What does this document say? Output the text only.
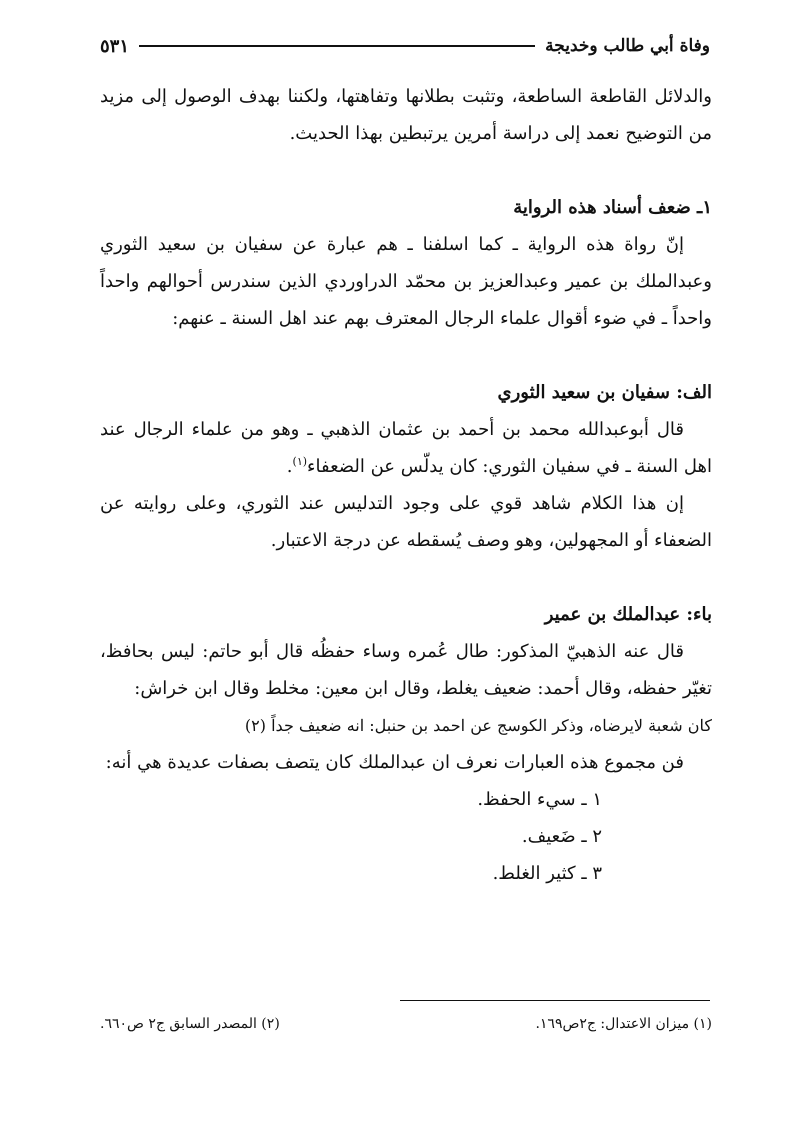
وفاة أبي طالب وخديجة
٥٣١

والدلائل القاطعة الساطعة، وتثبت بطلانها وتفاهتها، ولكننا بهدف الوصول إلى مزيد من التوضيح نعمد إلى دراسة أمرين يرتبطين بهذا الحديث.

١ـ ضعف أسناد هذه الرواية

إنّ رواة هذه الرواية ـ كما اسلفنا ـ هم عبارة عن سفيان بن سعيد الثوري وعبدالملك بن عمير وعبدالعزيز بن محمّد الدراوردي الذين سندرس أحوالهم واحداً واحداً ـ في ضوء أقوال علماء الرجال المعترف بهم عند اهل السنة ـ عنهم:

الف: سفيان بن سعيد الثوري

قال أبوعبدالله محمد بن أحمد بن عثمان الذهبي ـ وهو من علماء الرجال عند اهل السنة ـ في سفيان الثوري: كان يدلّس عن الضعفاء$^{(١)}$.

إن هذا الكلام شاهد قوي على وجود التدليس عند الثوري، وعلى روايته عن الضعفاء أو المجهولين، وهو وصف يُسقطه عن درجة الاعتبار.

باء: عبدالملك بن عمير

قال عنه الذهبيّ المذكور: طال عُمره وساء حفظُه قال أبو حاتم: ليس بحافظ، تغيّر حفظه، وقال أحمد: ضعيف يغلط، وقال ابن معين: مخلط وقال ابن خراش:

كان شعبة لايرضاه، وذكر الكوسج عن احمد بن حنبل: انه ضعيف جداً (٢)

فن مجموع هذه العبارات نعرف ان عبدالملك كان يتصف بصفات عديدة هي أنه:

١ ـ سيء الحفظ.

٢ ـ ضَعيف.

٣ ـ كثير الغلط.

(١) ميزان الاعتدال: ج٢ص١٦٩.
(٢) المصدر السابق ج٢ ص٦٦٠.
